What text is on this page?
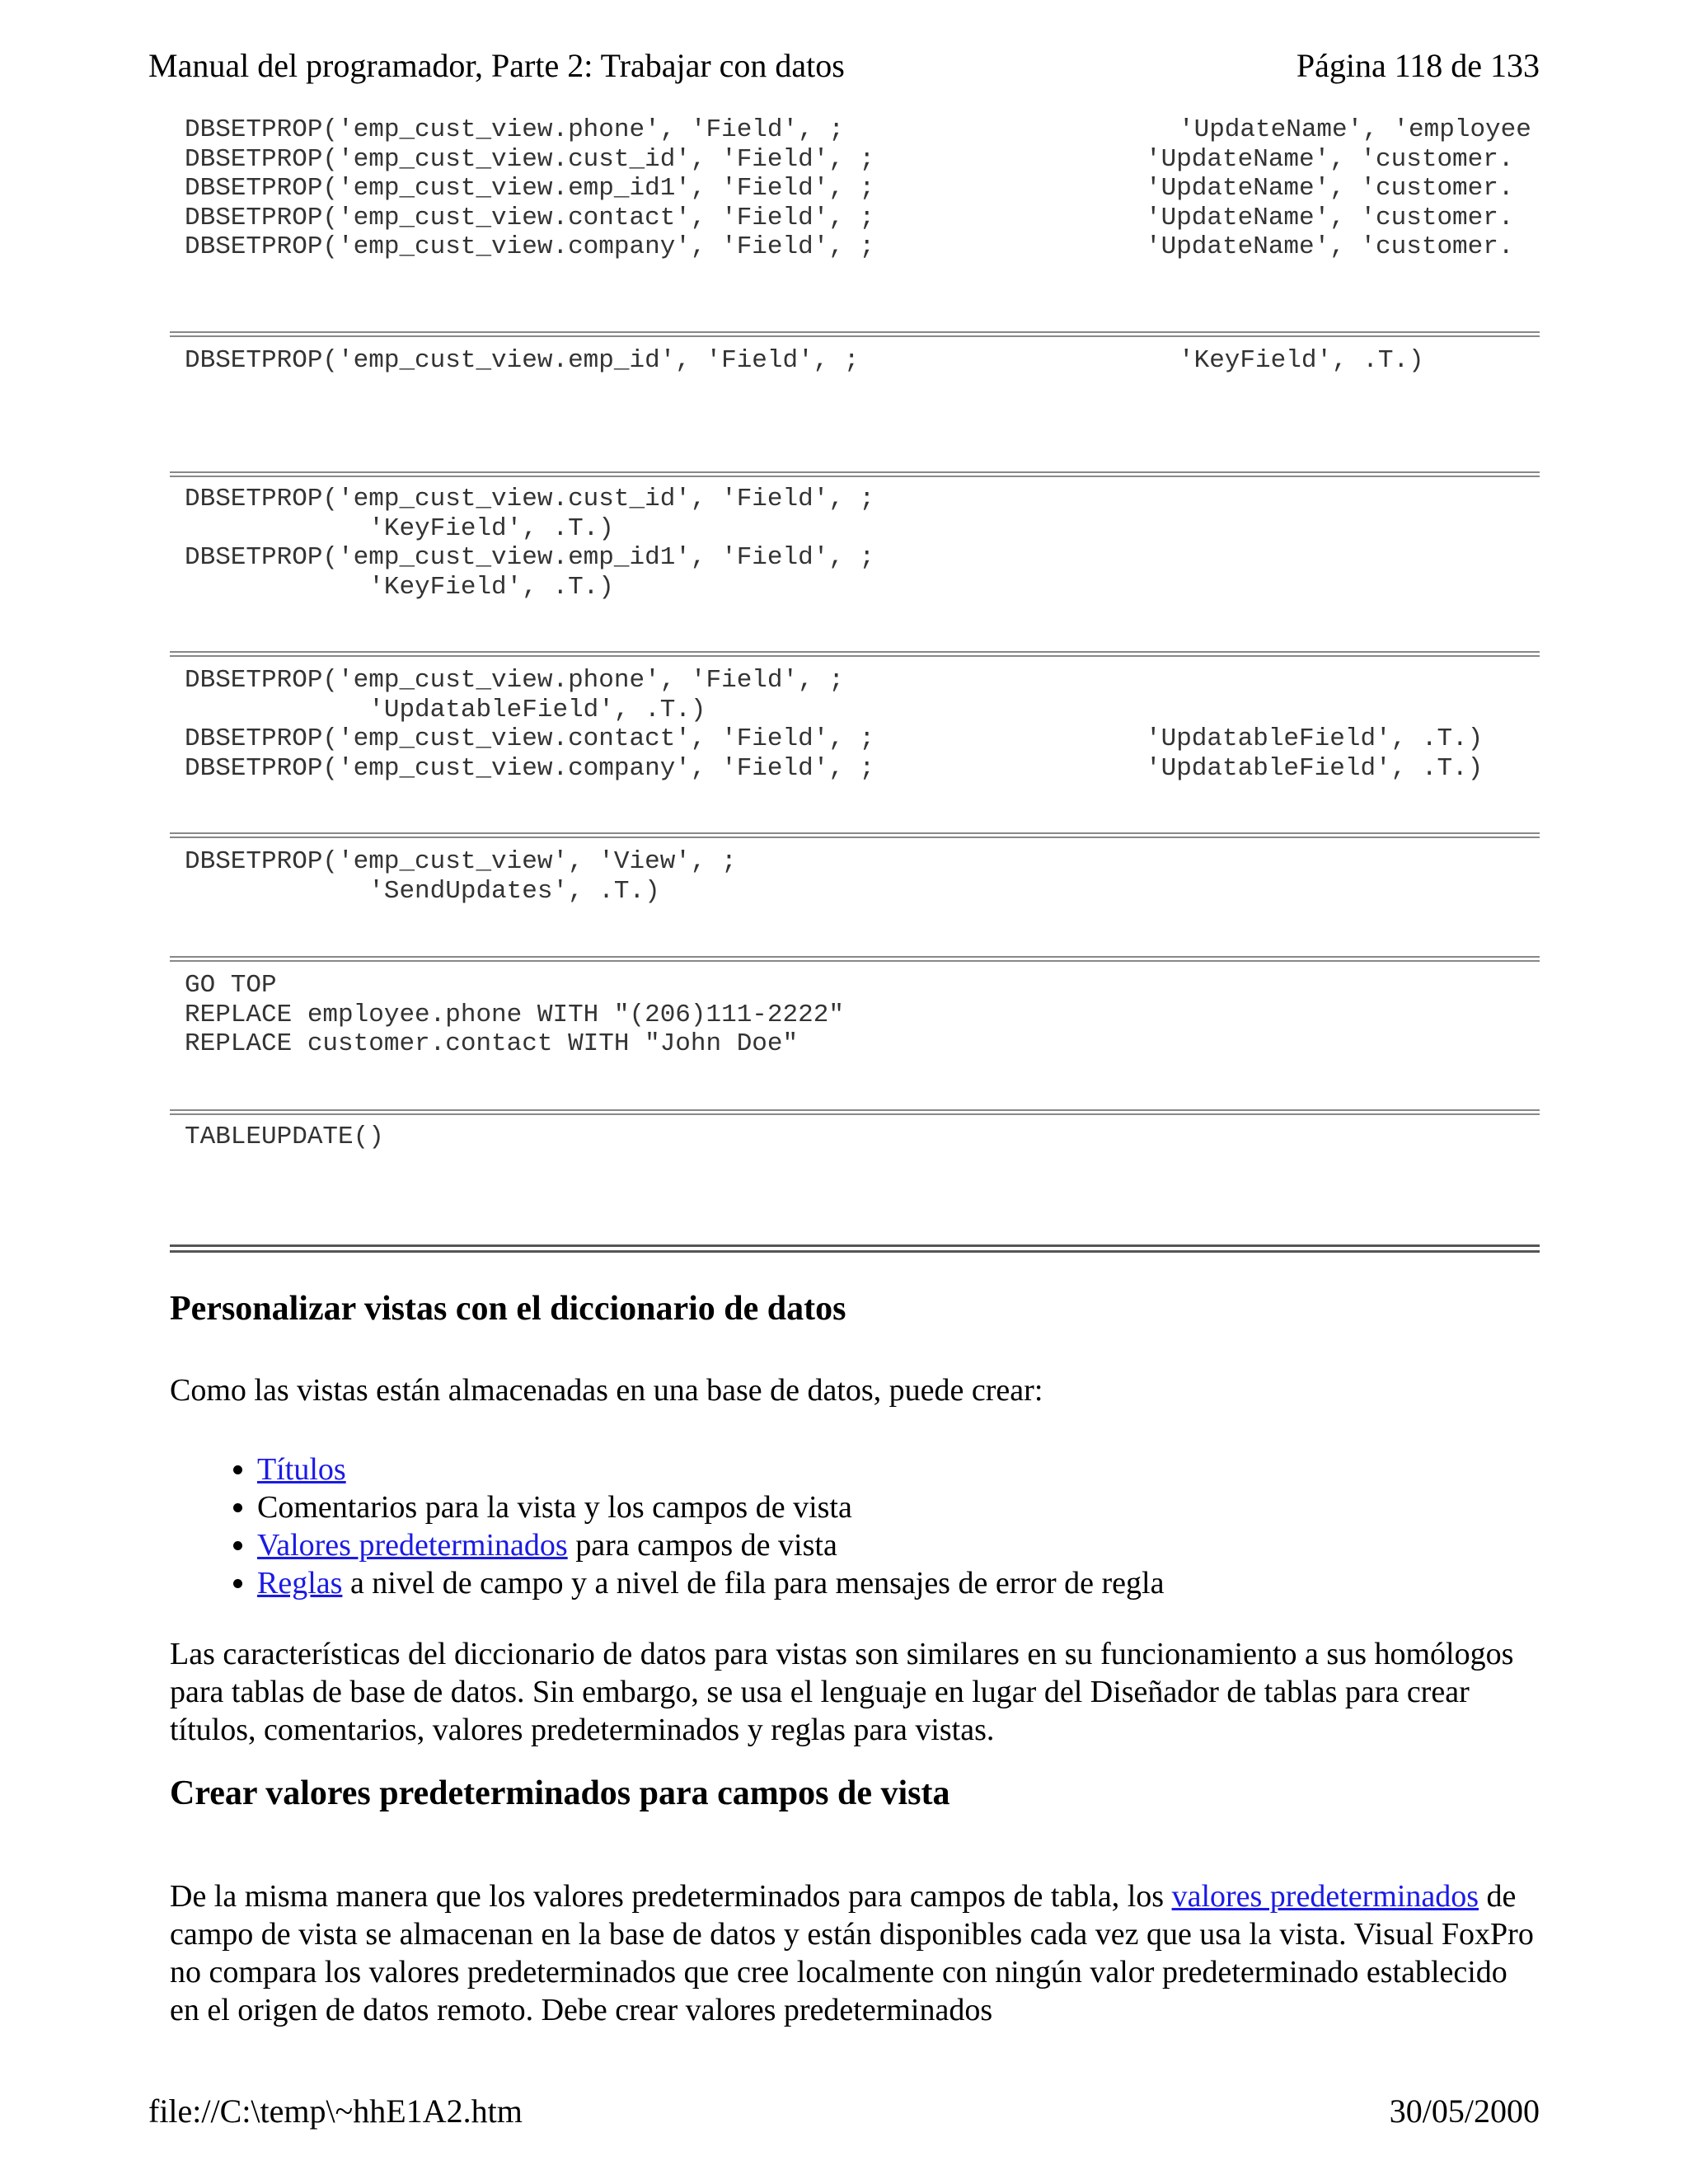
Manual del programador, Parte 2: Trabajar con datos	Página 118 de 133
DBSETPROP('emp_cust_view.phone', 'Field', ;	'UpdateName', 'employee
DBSETPROP('emp_cust_view.cust_id', 'Field', ;	'UpdateName', 'customer.
DBSETPROP('emp_cust_view.emp_id1', 'Field', ;	'UpdateName', 'customer.
DBSETPROP('emp_cust_view.contact', 'Field', ;	'UpdateName', 'customer.
DBSETPROP('emp_cust_view.company', 'Field', ;	'UpdateName', 'customer.
DBSETPROP('emp_cust_view.emp_id', 'Field', ;	'KeyField', .T.)
DBSETPROP('emp_cust_view.cust_id', 'Field', ;
'KeyField', .T.)
DBSETPROP('emp_cust_view.emp_id1', 'Field', ;
'KeyField', .T.)
DBSETPROP('emp_cust_view.phone', 'Field', ;
'UpdatableField', .T.)
DBSETPROP('emp_cust_view.contact', 'Field', ;	'UpdatableField', .T.)
DBSETPROP('emp_cust_view.company', 'Field', ;	'UpdatableField', .T.)
DBSETPROP('emp_cust_view', 'View', ;
'SendUpdates', .T.)
GO TOP
REPLACE employee.phone WITH "(206)111-2222"
REPLACE customer.contact WITH "John Doe"
TABLEUPDATE()
Personalizar vistas con el diccionario de datos

Como las vistas están almacenadas en una base de datos, puede crear:

• Títulos
• Comentarios para la vista y los campos de vista
• Valores predeterminados para campos de vista
• Reglas a nivel de campo y a nivel de fila para mensajes de error de regla

Las características del diccionario de datos para vistas son similares en su funcionamiento a sus homólogos para tablas de base de datos. Sin embargo, se usa el lenguaje en lugar del Diseñador de tablas para crear títulos, comentarios, valores predeterminados y reglas para vistas.

Crear valores predeterminados para campos de vista

De la misma manera que los valores predeterminados para campos de tabla, los valores predeterminados de campo de vista se almacenan en la base de datos y están disponibles cada vez que usa la vista. Visual FoxPro no compara los valores predeterminados que cree localmente con ningún valor predeterminado establecido en el origen de datos remoto. Debe crear valores predeterminados

file://C:\temp\~hhE1A2.htm	30/05/2000
